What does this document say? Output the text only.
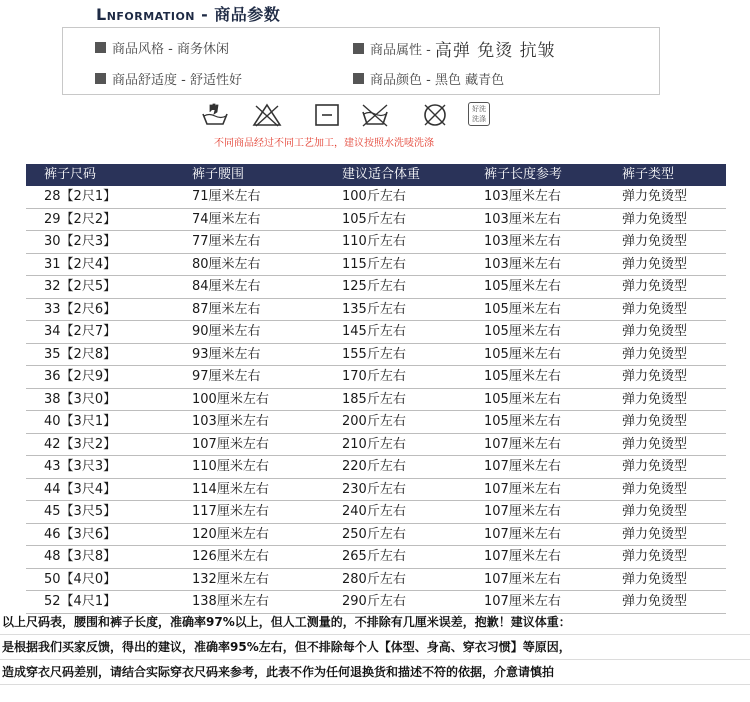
Lnformation - 商品参数
商品风格 - 商务休闲	商品属性 - 高弹 免烫 抗皱
商品舒适度 - 舒适性好	商品颜色 - 黑色 藏青色
好洗洗涤
不同商品经过不同工艺加工，建议按照水洗唛洗涤
裤子尺码	裤子腰围	建议适合体重	裤子长度参考	裤子类型
28【2尺1】	71厘米左右	100斤左右	103厘米左右	弹力免烫型
29【2尺2】	74厘米左右	105斤左右	103厘米左右	弹力免烫型
30【2尺3】	77厘米左右	110斤左右	103厘米左右	弹力免烫型
31【2尺4】	80厘米左右	115斤左右	103厘米左右	弹力免烫型
32【2尺5】	84厘米左右	125斤左右	105厘米左右	弹力免烫型
33【2尺6】	87厘米左右	135斤左右	105厘米左右	弹力免烫型
34【2尺7】	90厘米左右	145斤左右	105厘米左右	弹力免烫型
35【2尺8】	93厘米左右	155斤左右	105厘米左右	弹力免烫型
36【2尺9】	97厘米左右	170斤左右	105厘米左右	弹力免烫型
38【3尺0】	100厘米左右	185斤左右	105厘米左右	弹力免烫型
40【3尺1】	103厘米左右	200斤左右	105厘米左右	弹力免烫型
42【3尺2】	107厘米左右	210斤左右	107厘米左右	弹力免烫型
43【3尺3】	110厘米左右	220斤左右	107厘米左右	弹力免烫型
44【3尺4】	114厘米左右	230斤左右	107厘米左右	弹力免烫型
45【3尺5】	117厘米左右	240斤左右	107厘米左右	弹力免烫型
46【3尺6】	120厘米左右	250斤左右	107厘米左右	弹力免烫型
48【3尺8】	126厘米左右	265斤左右	107厘米左右	弹力免烫型
50【4尺0】	132厘米左右	280斤左右	107厘米左右	弹力免烫型
52【4尺1】	138厘米左右	290斤左右	107厘米左右	弹力免烫型
以上尺码表，腰围和裤子长度，准确率97%以上，但人工测量的，不排除有几厘米误差，抱歉！建议体重：
是根据我们买家反馈，得出的建议，准确率95%左右，但不排除每个人【体型、身高、穿衣习惯】等原因，
造成穿衣尺码差别，请结合实际穿衣尺码来参考，此表不作为任何退换货和描述不符的依据，介意请慎拍
